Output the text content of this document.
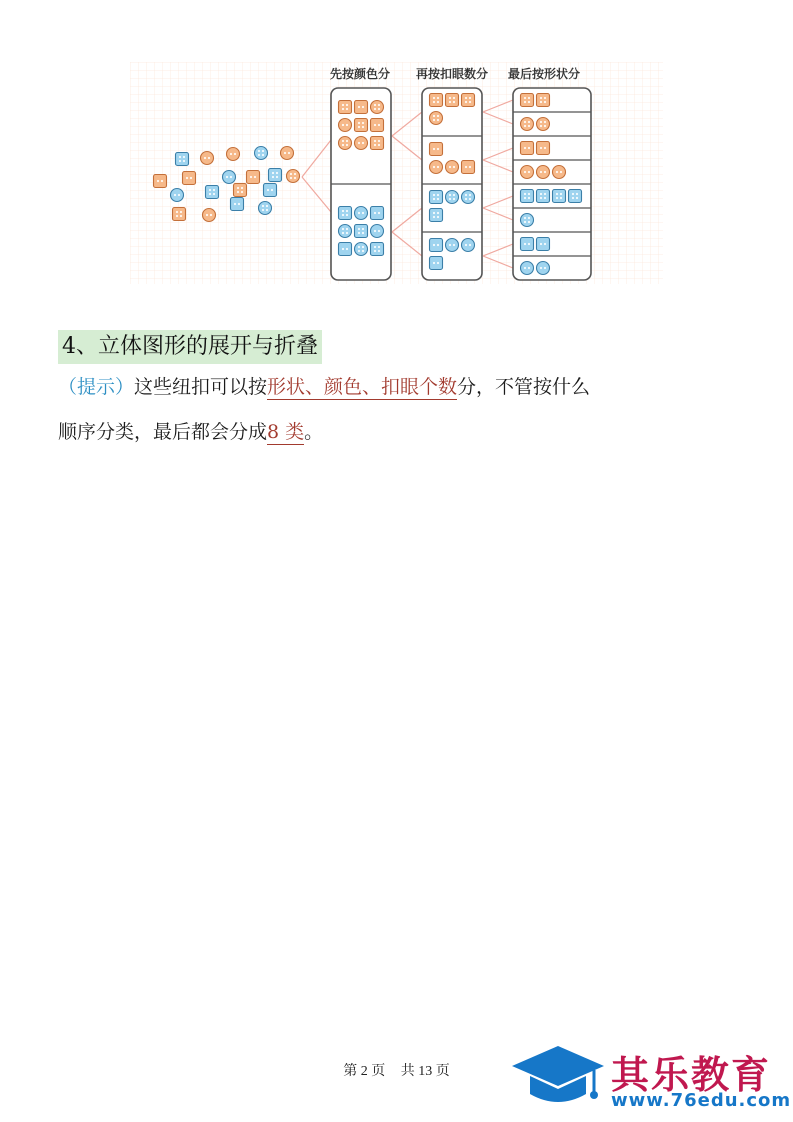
先按颜色分 再按扣眼数分 最后按形状分
4、立体图形的展开与折叠
（提示）这些纽扣可以按形状、颜色、扣眼个数分，不管按什么
顺序分类，最后都会分成8 类。
第 2 页 共 13 页	其乐教育
www.76edu.com
